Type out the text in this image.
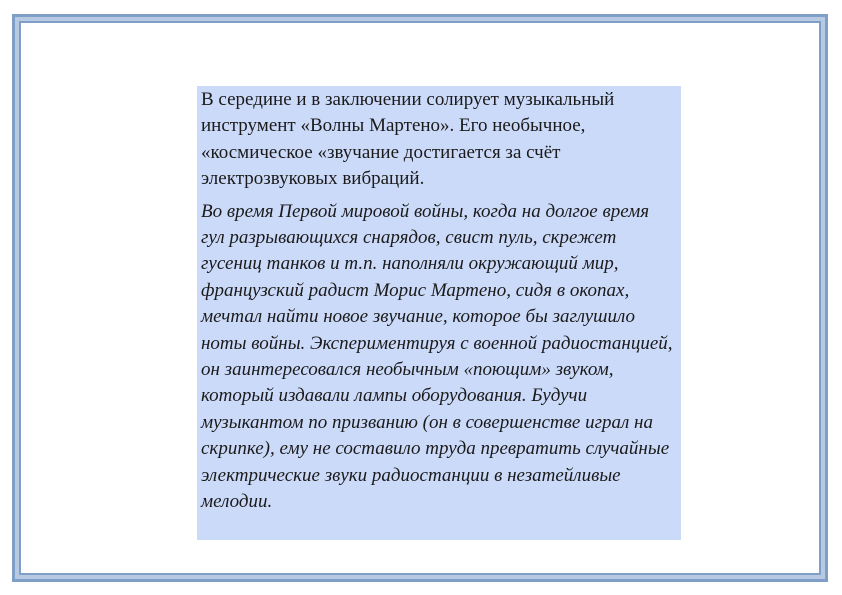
В середине и в заключении солирует музыкальный инструмент «Волны Мартено». Его необычное, «космическое «звучание достигается за счёт электрозвуковых вибраций.

Во время Первой мировой войны, когда на долгое время гул разрывающихся снарядов, свист пуль, скрежет гусениц танков и т.п. наполняли окружающий мир, французский радист Морис Мартено, сидя в окопах, мечтал найти новое звучание, которое бы заглушило ноты войны. Экспериментируя с военной радиостанцией, он заинтересовался необычным «поющим» звуком, который издавали лампы оборудования. Будучи музыкантом по призванию (он в совершенстве играл на скрипке), ему не составило труда превратить случайные электрические звуки радиостанции в незатейливые мелодии.
